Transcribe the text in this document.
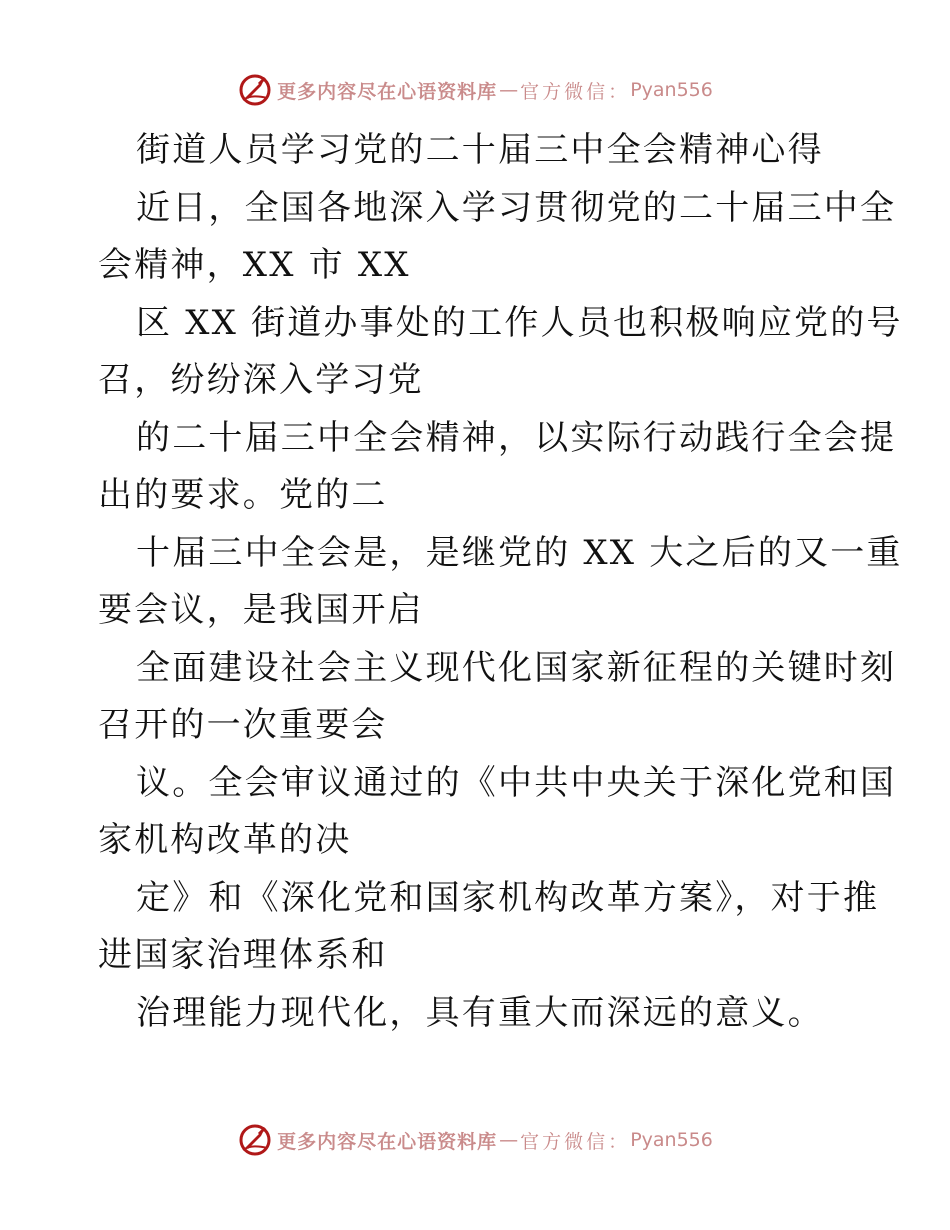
更多内容尽在心语资料库 — 官方微信： Pyan556
街道人员学习党的二十届三中全会精神心得
近日，全国各地深入学习贯彻党的二十届三中全
会精神，XX 市 XX
区 XX 街道办事处的工作人员也积极响应党的号
召，纷纷深入学习党
的二十届三中全会精神，以实际行动践行全会提
出的要求。党的二
十届三中全会是，是继党的 XX 大之后的又一重
要会议，是我国开启
全面建设社会主义现代化国家新征程的关键时刻
召开的一次重要会
议。全会审议通过的《中共中央关于深化党和国
家机构改革的决
定》和《深化党和国家机构改革方案》，对于推
进国家治理体系和
治理能力现代化，具有重大而深远的意义。
更多内容尽在心语资料库 — 官方微信： Pyan556
